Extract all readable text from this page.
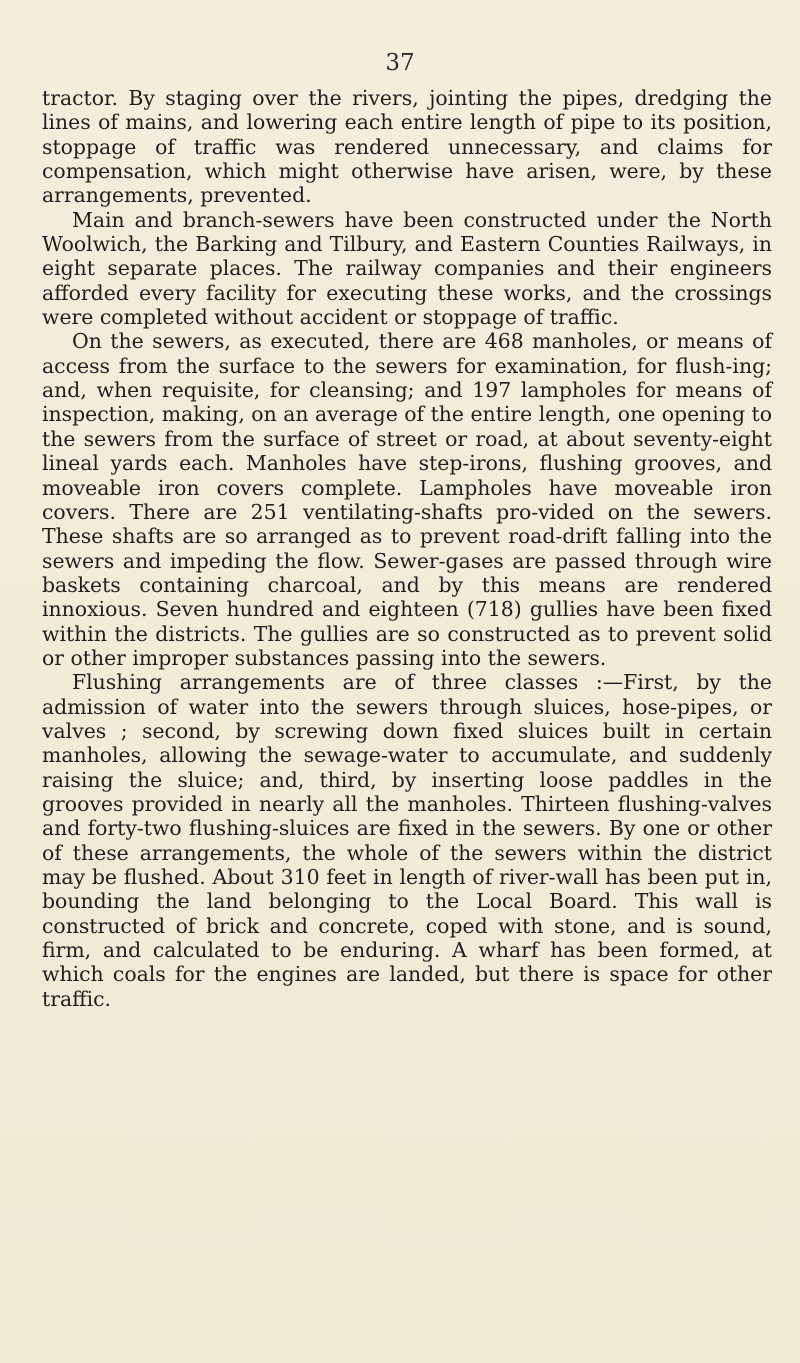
37

tractor. By staging over the rivers, jointing the pipes, dredging the lines of mains, and lowering each entire length of pipe to its position, stoppage of traffic was rendered unnecessary, and claims for compensation, which might otherwise have arisen, were, by these arrangements, prevented.

Main and branch-sewers have been constructed under the North Woolwich, the Barking and Tilbury, and Eastern Counties Railways, in eight separate places. The railway companies and their engineers afforded every facility for executing these works, and the crossings were completed without accident or stoppage of traffic.

On the sewers, as executed, there are 468 manholes, or means of access from the surface to the sewers for examination, for flush-ing; and, when requisite, for cleansing; and 197 lampholes for means of inspection, making, on an average of the entire length, one opening to the sewers from the surface of street or road, at about seventy-eight lineal yards each. Manholes have step-irons, flushing grooves, and moveable iron covers complete. Lampholes have moveable iron covers. There are 251 ventilating-shafts pro-vided on the sewers. These shafts are so arranged as to prevent road-drift falling into the sewers and impeding the flow. Sewer-gases are passed through wire baskets containing charcoal, and by this means are rendered innoxious. Seven hundred and eighteen (718) gullies have been fixed within the districts. The gullies are so constructed as to prevent solid or other improper substances passing into the sewers.

Flushing arrangements are of three classes :—First, by the admission of water into the sewers through sluices, hose-pipes, or valves ; second, by screwing down fixed sluices built in certain manholes, allowing the sewage-water to accumulate, and suddenly raising the sluice; and, third, by inserting loose paddles in the grooves provided in nearly all the manholes. Thirteen flushing-valves and forty-two flushing-sluices are fixed in the sewers. By one or other of these arrangements, the whole of the sewers within the district may be flushed. About 310 feet in length of river-wall has been put in, bounding the land belonging to the Local Board. This wall is constructed of brick and concrete, coped with stone, and is sound, firm, and calculated to be enduring. A wharf has been formed, at which coals for the engines are landed, but there is space for other traffic.
